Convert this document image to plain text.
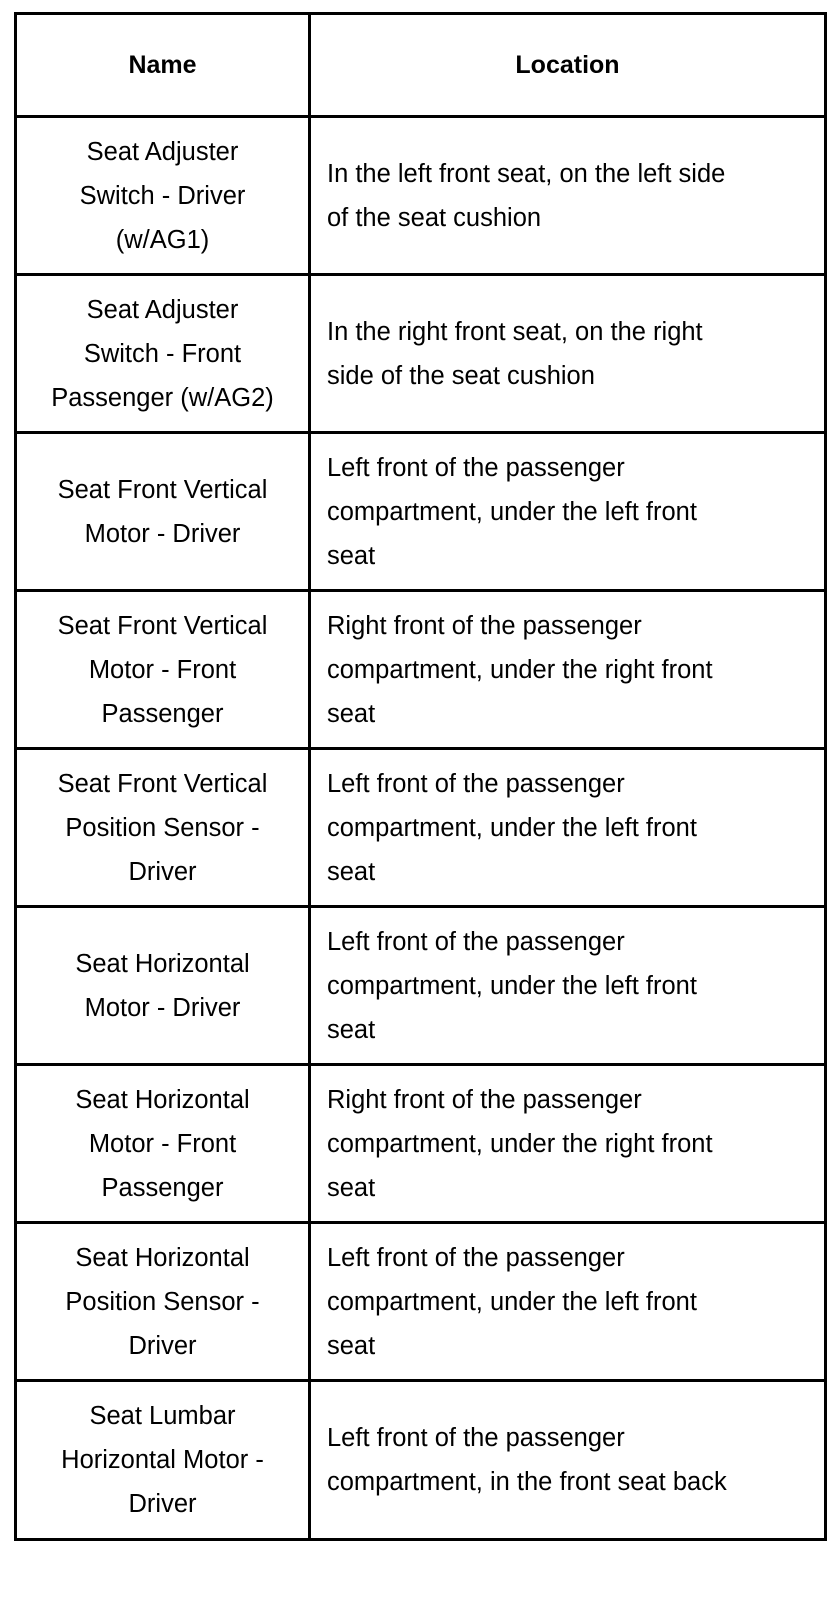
Name	Location

Seat Adjuster
Switch - Driver
(w/AG1)	In the left front seat, on the left side
of the seat cushion

Seat Adjuster
Switch - Front
Passenger (w/AG2)	In the right front seat, on the right
side of the seat cushion

Seat Front Vertical
Motor - Driver	Left front of the passenger
compartment, under the left front
seat

Seat Front Vertical
Motor - Front
Passenger	Right front of the passenger
compartment, under the right front
seat

Seat Front Vertical
Position Sensor -
Driver	Left front of the passenger
compartment, under the left front
seat

Seat Horizontal
Motor - Driver	Left front of the passenger
compartment, under the left front
seat

Seat Horizontal
Motor - Front
Passenger	Right front of the passenger
compartment, under the right front
seat

Seat Horizontal
Position Sensor -
Driver	Left front of the passenger
compartment, under the left front
seat

Seat Lumbar
Horizontal Motor -
Driver	Left front of the passenger
compartment, in the front seat back
